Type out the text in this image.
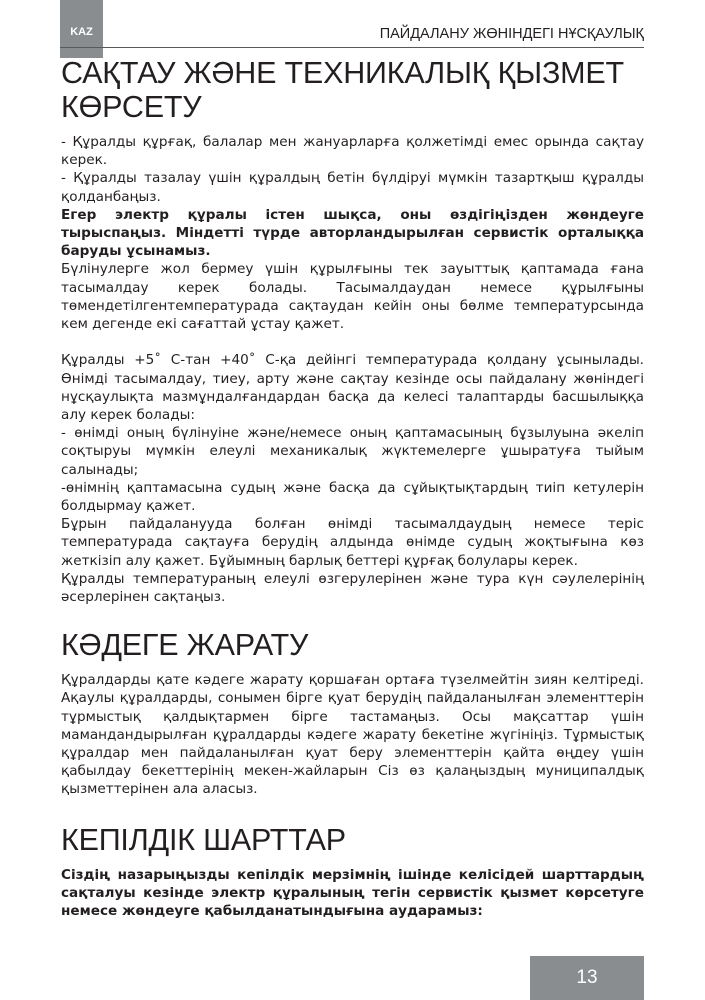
KAZ	ПАЙДАЛАНУ ЖӨНІНДЕГІ НҰСҚАУЛЫҚ
САҚТАУ ЖӘНЕ ТЕХНИКАЛЫҚ ҚЫЗМЕТ КӨРСЕТУ

- Құралды құрғақ, балалар мен жануарларға қолжетімді емес орында сақтау керек.

- Құралды тазалау үшін құралдың бетін бүлдіруі мүмкін тазартқыш құралды қолданбаңыз.

Егер электр құралы істен шықса, оны өздігіңізден жөндеуге тырыспаңыз. Міндетті түрде авторландырылған сервистік орталыққа баруды ұсынамыз.

Бүлінулерге жол бермеу үшін құрылғыны тек зауыттық қаптамада ғана тасымалдау керек болады. Тасымалдаудан немесе құрылғыны төмендетілгентемпературада сақтаудан кейін оны бөлме температурсында кем дегенде екі сағаттай ұстау қажет.

Құралды +5˚ С-тан +40˚ С-қа дейінгі температурада қолдану ұсынылады. Өнімді тасымалдау, тиеу, арту және сақтау кезінде осы пайдалану жөніндегі нұсқаулықта мазмұндалғандардан басқа да келесі талаптарды басшылыққа алу керек болады:

- өнімді оның бүлінуіне және/немесе оның қаптамасының бұзылуына әкеліп соқтыруы мүмкін елеулі механикалық жүктемелерге ұшыратуға тыйым салынады;

-өнімнің қаптамасына судың және басқа да сұйықтықтардың тиіп кетулерін болдырмау қажет.

Бұрын пайдаланууда болған өнімді тасымалдаудың немесе теріс температурада сақтауға берудің алдында өнімде судың жоқтығына көз жеткізіп алу қажет. Бұйымның барлық беттері құрғақ болулары керек.

Құралды температураның елеулі өзгерулерінен және тура күн сәулелерінің әсерлерінен сақтаңыз.

КӘДЕГЕ ЖАРАТУ

Құралдарды қате кәдеге жарату қоршаған ортаға түзелмейтін зиян келтіреді. Ақаулы құралдарды, сонымен бірге қуат берудің пайдаланылған элементтерін тұрмыстық қалдықтармен бірге тастамаңыз. Осы мақсаттар үшін мамандандырылған құралдарды кәдеге жарату бекетіне жүгініңіз. Тұрмыстық құралдар мен пайдаланылған қуат беру элементтерін қайта өңдеу үшін қабылдау бекеттерінің мекен-жайларын Сіз өз қалаңыздың муниципалдық қызметтерінен ала аласыз.

КЕПІЛДІК ШАРТТАР

Сіздің назарыңызды кепілдік мерзімнің ішінде келісідей шарттардың сақталуы кезінде электр құралының тегін сервистік қызмет көрсетуге немесе жөндеуге қабылданатындығына аударамыз:

13
